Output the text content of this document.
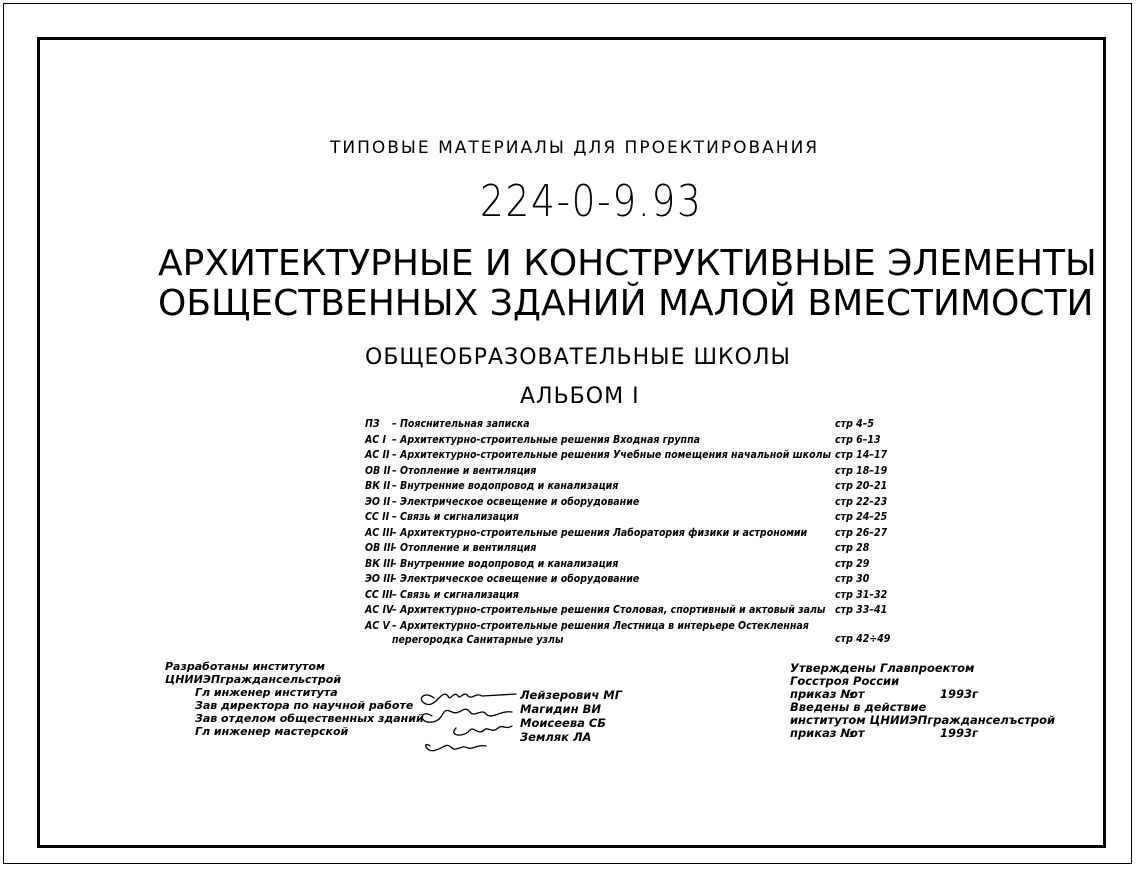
ТИПОВЫЕ МАТЕРИАЛЫ ДЛЯ ПРОЕКТИРОВАНИЯ
224-0-9.93
АРХИТЕКТУРНЫЕ И КОНСТРУКТИВНЫЕ ЭЛЕМЕНТЫ
ОБЩЕСТВЕННЫХ ЗДАНИЙ МАЛОЙ ВМЕСТИМОСТИ
ОБЩЕОБРАЗОВАТЕЛЬНЫЕ ШКОЛЫ
АЛЬБОМ I
ПЗ – Пояснительная записка	стр 4–5
АС I – Архитектурно-строительные решения Входная группа	стр 6–13
АС II – Архитектурно-строительные решения Учебные помещения начальной школы стр 14–17
ОВ II– Отопление и вентиляция	стр 18–19
ВК II – Внутренние водопровод и канализация	стр 20–21
ЭО II – Электрическое освещение и оборудование	стр 22–23
СС II – Связь и сигнализация	стр 24–25
АС III– Архитектурно-строительные решения Лаборатория физики и астрономии	стр 26–27
ОВ III– Отопление и вентиляция	стр 28
ВК III– Внутренние водопровод и канализация	стр 29
ЭО III– Электрическое освещение и оборудование	стр 30
СС III– Связь и сигнализация	стр 31–32
АС IV– Архитектурно-строительные решения Столовая, спортивный и актовый залы стр 33–41
АС V – Архитектурно-строительные решения Лестница в интерьере Остекленная перегородка Санитарные узлы	стр 42÷49
Разработаны институтом
ЦНИИЭПграждансельстрой
Гл инженер института
Зав директора по научной работе
Зав отделом общественных зданий
Гл инженер мастерской
Лейзерович МГ
Магидин ВИ
Моисеева СБ
Земляк ЛА
Утверждены Главпроектом
Госстроя России
приказ №
от	1993г
Введены в действие
институтом ЦНИИЭПгражданселъстрой
приказ №
от	1993г
